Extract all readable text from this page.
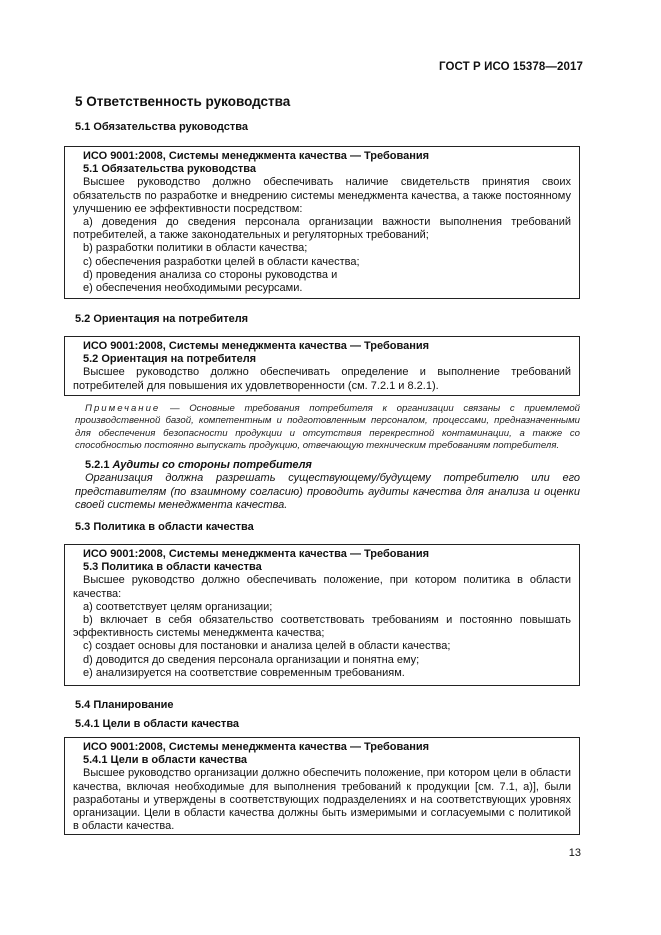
ГОСТ Р ИСО 15378—2017
5 Ответственность руководства
5.1 Обязательства руководства
ИСО 9001:2008, Системы менеджмента качества — Требования
5.1 Обязательства руководства

Высшее руководство должно обеспечивать наличие свидетельств принятия своих обязательств по разработке и внедрению системы менеджмента качества, а также постоянному улучшению ее эффективности посредством:

a) доведения до сведения персонала организации важности выполнения требований потребителей, а также законодательных и регуляторных требований;

b) разработки политики в области качества;

c) обеспечения разработки целей в области качества;

d) проведения анализа со стороны руководства и

e) обеспечения необходимыми ресурсами.

5.2 Ориентация на потребителя
ИСО 9001:2008, Системы менеджмента качества — Требования
5.2 Ориентация на потребителя

Высшее руководство должно обеспечивать определение и выполнение требований потребителей для повышения их удовлетворенности (см. 7.2.1 и 8.2.1).

Примечание — Основные требования потребителя к организации связаны с приемлемой производственной базой, компетентным и подготовленным персоналом, процессами, предназначенными для обеспечения безопасности продукции и отсутствия перекрестной контаминации, а также со способностью постоянно выпускать продукцию, отвечающую техническим требованиям потребителя.
5.2.1 Аудиты со стороны потребителя

Организация должна разрешать существующему/будущему потребителю или его представителям (по взаимному согласию) проводить аудиты качества для анализа и оценки своей системы менеджмента качества.

5.3 Политика в области качества
ИСО 9001:2008, Системы менеджмента качества — Требования
5.3 Политика в области качества

Высшее руководство должно обеспечивать положение, при котором политика в области качества:

a) соответствует целям организации;

b) включает в себя обязательство соответствовать требованиям и постоянно повышать эффективность системы менеджмента качества;

c) создает основы для постановки и анализа целей в области качества;

d) доводится до сведения персонала организации и понятна ему;

e) анализируется на соответствие современным требованиям.

5.4 Планирование
5.4.1 Цели в области качества
ИСО 9001:2008, Системы менеджмента качества — Требования
5.4.1 Цели в области качества

Высшее руководство организации должно обеспечить положение, при котором цели в области качества, включая необходимые для выполнения требований к продукции [см. 7.1, a)], были разработаны и утверждены в соответствующих подразделениях и на соответствующих уровнях организации. Цели в области качества должны быть измеримыми и согласуемыми с политикой в области качества.

13
